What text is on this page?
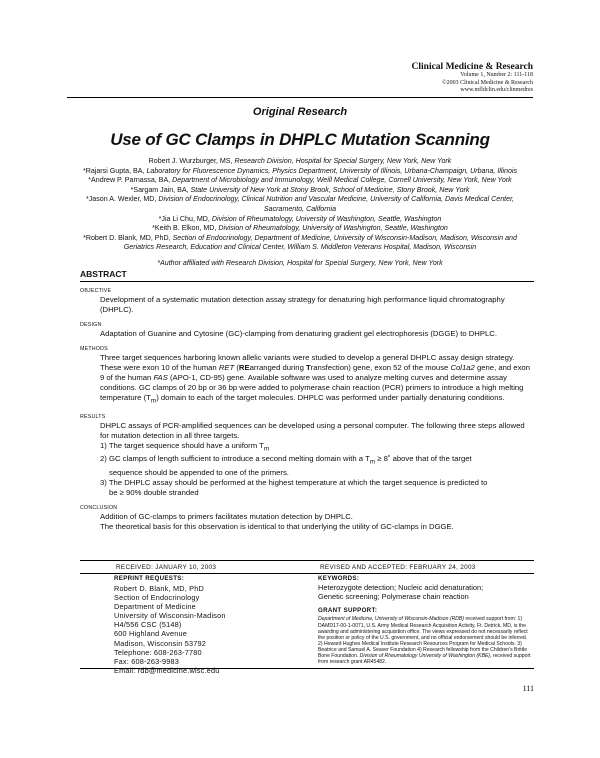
Clinical Medicine & Research
Volume 1, Number 2: 111-118
©2003 Clinical Medicine & Research
www.mfldclin.edu/clinmedres
Original Research
Use of GC Clamps in DHPLC Mutation Scanning
Robert J. Wurzburger, MS, Research Division, Hospital for Special Surgery, New York, New York
*Rajarsi Gupta, BA, Laboratory for Fluorescence Dynamics, Physics Department, University of Illinois, Urbana-Champaign, Urbana, Illinois
*Andrew P. Parnassa, BA, Department of Microbiology and Immunology, Weill Medical College, Cornell University, New York, New York
*Sargam Jain, BA, State University of New York at Stony Brook, School of Medicine, Stony Brook, New York
*Jason A. Wexler, MD, Division of Endocrinology, Clinical Nutrition and Vascular Medicine, University of California, Davis Medical Center, Sacramento, California
*Jia Li Chu, MD, Division of Rheumatology, University of Washington, Seattle, Washington
*Keith B. Elkon, MD, Division of Rheumatology, University of Washington, Seattle, Washington
*Robert D. Blank, MD, PhD, Section of Endocrinology, Department of Medicine, University of Wisconsin-Madison, Madison, Wisconsin and Geriatrics Research, Education and Clinical Center, William S. Middleton Veterans Hospital, Madison, Wisconsin
*Author affiliated with Research Division, Hospital for Special Surgery, New York, New York
ABSTRACT
OBJECTIVE
Development of a systematic mutation detection assay strategy for denaturing high performance liquid chromatography (DHPLC).
DESIGN
Adaptation of Guanine and Cytosine (GC)-clamping from denaturing gradient gel electrophoresis (DGGE) to DHPLC.
METHODS
Three target sequences harboring known allelic variants were studied to develop a general DHPLC assay design strategy. These were exon 10 of the human RET (REarranged during Transfection) gene, exon 52 of the mouse Col1a2 gene, and exon 9 of the human FAS (APO-1, CD-95) gene. Available software was used to analyze melting curves and determine assay conditions. GC clamps of 20 bp or 36 bp were added to polymerase chain reaction (PCR) primers to introduce a high melting temperature $(T_m)$ domain to each of the target molecules. DHPLC was performed under partially denaturing conditions.
RESULTS
DHPLC assays of PCR-amplified sequences can be developed using a personal computer. The following three steps allowed for mutation detection in all three targets.
1) The target sequence should have a uniform $T_m$
2) GC clamps of length sufficient to introduce a second melting domain with a $T_m$ ≥ 8˚ above that of the target
sequence should be appended to one of the primers.
3) The DHPLC assay should be performed at the highest temperature at which the target sequence is predicted to
be ≥ 90% double stranded
CONCLUSION
Addition of GC-clamps to primers facilitates mutation detection by DHPLC.
The theoretical basis for this observation is identical to that underlying the utility of GC-clamps in DGGE.
RECEIVED: JANUARY 10, 2003	REVISED AND ACCEPTED: FEBRUARY 24, 2003
REPRINT REQUESTS:
Robert D. Blank, MD, PhD
Section of Endocrinology
Department of Medicine
University of Wisconsin-Madison
H4/556 CSC (5148)
600 Highland Avenue
Madison, Wisconsin 53792
Telephone: 608-263-7780
Fax: 608-263-9983
Email: rdb@medicine.wisc.edu
KEYWORDS:
Heterozygote detection; Nucleic acid denaturation;
Genetic screening; Polymerase chain reaction
GRANT SUPPORT:
Department of Medicine, University of Wisconsin-Madison (RDB) received support from: 1) DAMD17-00-1-0071, U.S. Army Medical Research Acquisition Activity, Ft. Detrick, MD, is the awarding and administering acquisition office. The views expressed do not necessarily reflect the position or policy of the U.S. government, and no official endorsement should be inferred. 2) Howard Hughes Medical Institute Research Resources Program for Medical Schools. 3) Beatrice and Samuel A. Seaver Foundation 4) Research fellowship from the Children's Brittle Bone Foundation. Division of Rheumatology University of Washington (KBE), received support from research grant AR45482.
111
